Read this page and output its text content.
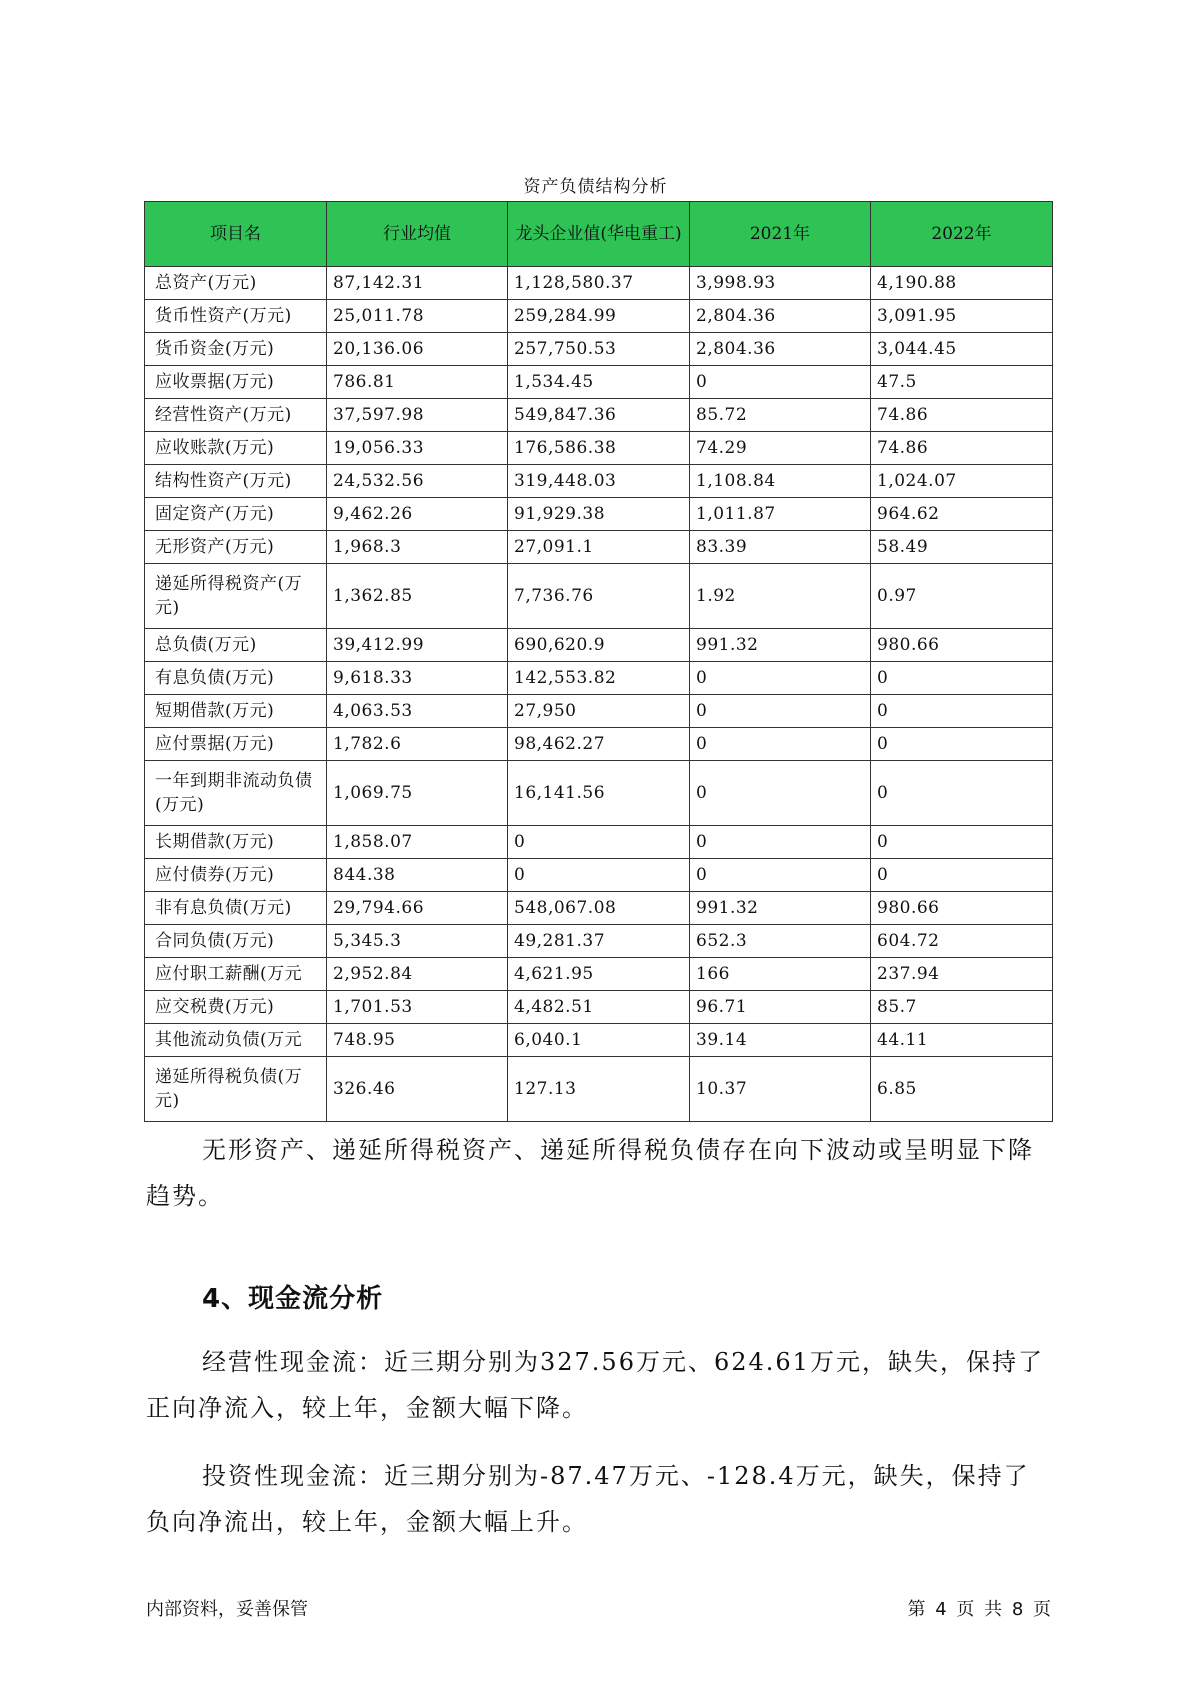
资产负债结构分析
项目名	行业均值	龙头企业值(华电重工)	2021年	2022年
总资产(万元)	87,142.31	1,128,580.37	3,998.93	4,190.88
货币性资产(万元)	25,011.78	259,284.99	2,804.36	3,091.95
货币资金(万元)	20,136.06	257,750.53	2,804.36	3,044.45
应收票据(万元)	786.81	1,534.45	0	47.5
经营性资产(万元)	37,597.98	549,847.36	85.72	74.86
应收账款(万元)	19,056.33	176,586.38	74.29	74.86
结构性资产(万元)	24,532.56	319,448.03	1,108.84	1,024.07
固定资产(万元)	9,462.26	91,929.38	1,011.87	964.62
无形资产(万元)	1,968.3	27,091.1	83.39	58.49
递延所得税资产(万元)	1,362.85	7,736.76	1.92	0.97
总负债(万元)	39,412.99	690,620.9	991.32	980.66
有息负债(万元)	9,618.33	142,553.82	0	0
短期借款(万元)	4,063.53	27,950	0	0
应付票据(万元)	1,782.6	98,462.27	0	0
一年到期非流动负债(万元)	1,069.75	16,141.56	0	0
长期借款(万元)	1,858.07	0	0	0
应付债券(万元)	844.38	0	0	0
非有息负债(万元)	29,794.66	548,067.08	991.32	980.66
合同负债(万元)	5,345.3	49,281.37	652.3	604.72
应付职工薪酬(万元	2,952.84	4,621.95	166	237.94
应交税费(万元)	1,701.53	4,482.51	96.71	85.7
其他流动负债(万元	748.95	6,040.1	39.14	44.11
递延所得税负债(万元)	326.46	127.13	10.37	6.85

无形资产、递延所得税资产、递延所得税负债存在向下波动或呈明显下降趋势。

4、现金流分析

经营性现金流：近三期分别为327.56万元、624.61万元，缺失，保持了正向净流入，较上年，金额大幅下降。

投资性现金流：近三期分别为-87.47万元、-128.4万元，缺失，保持了负向净流出，较上年，金额大幅上升。

内部资料，妥善保管	第 4 页 共 8 页
